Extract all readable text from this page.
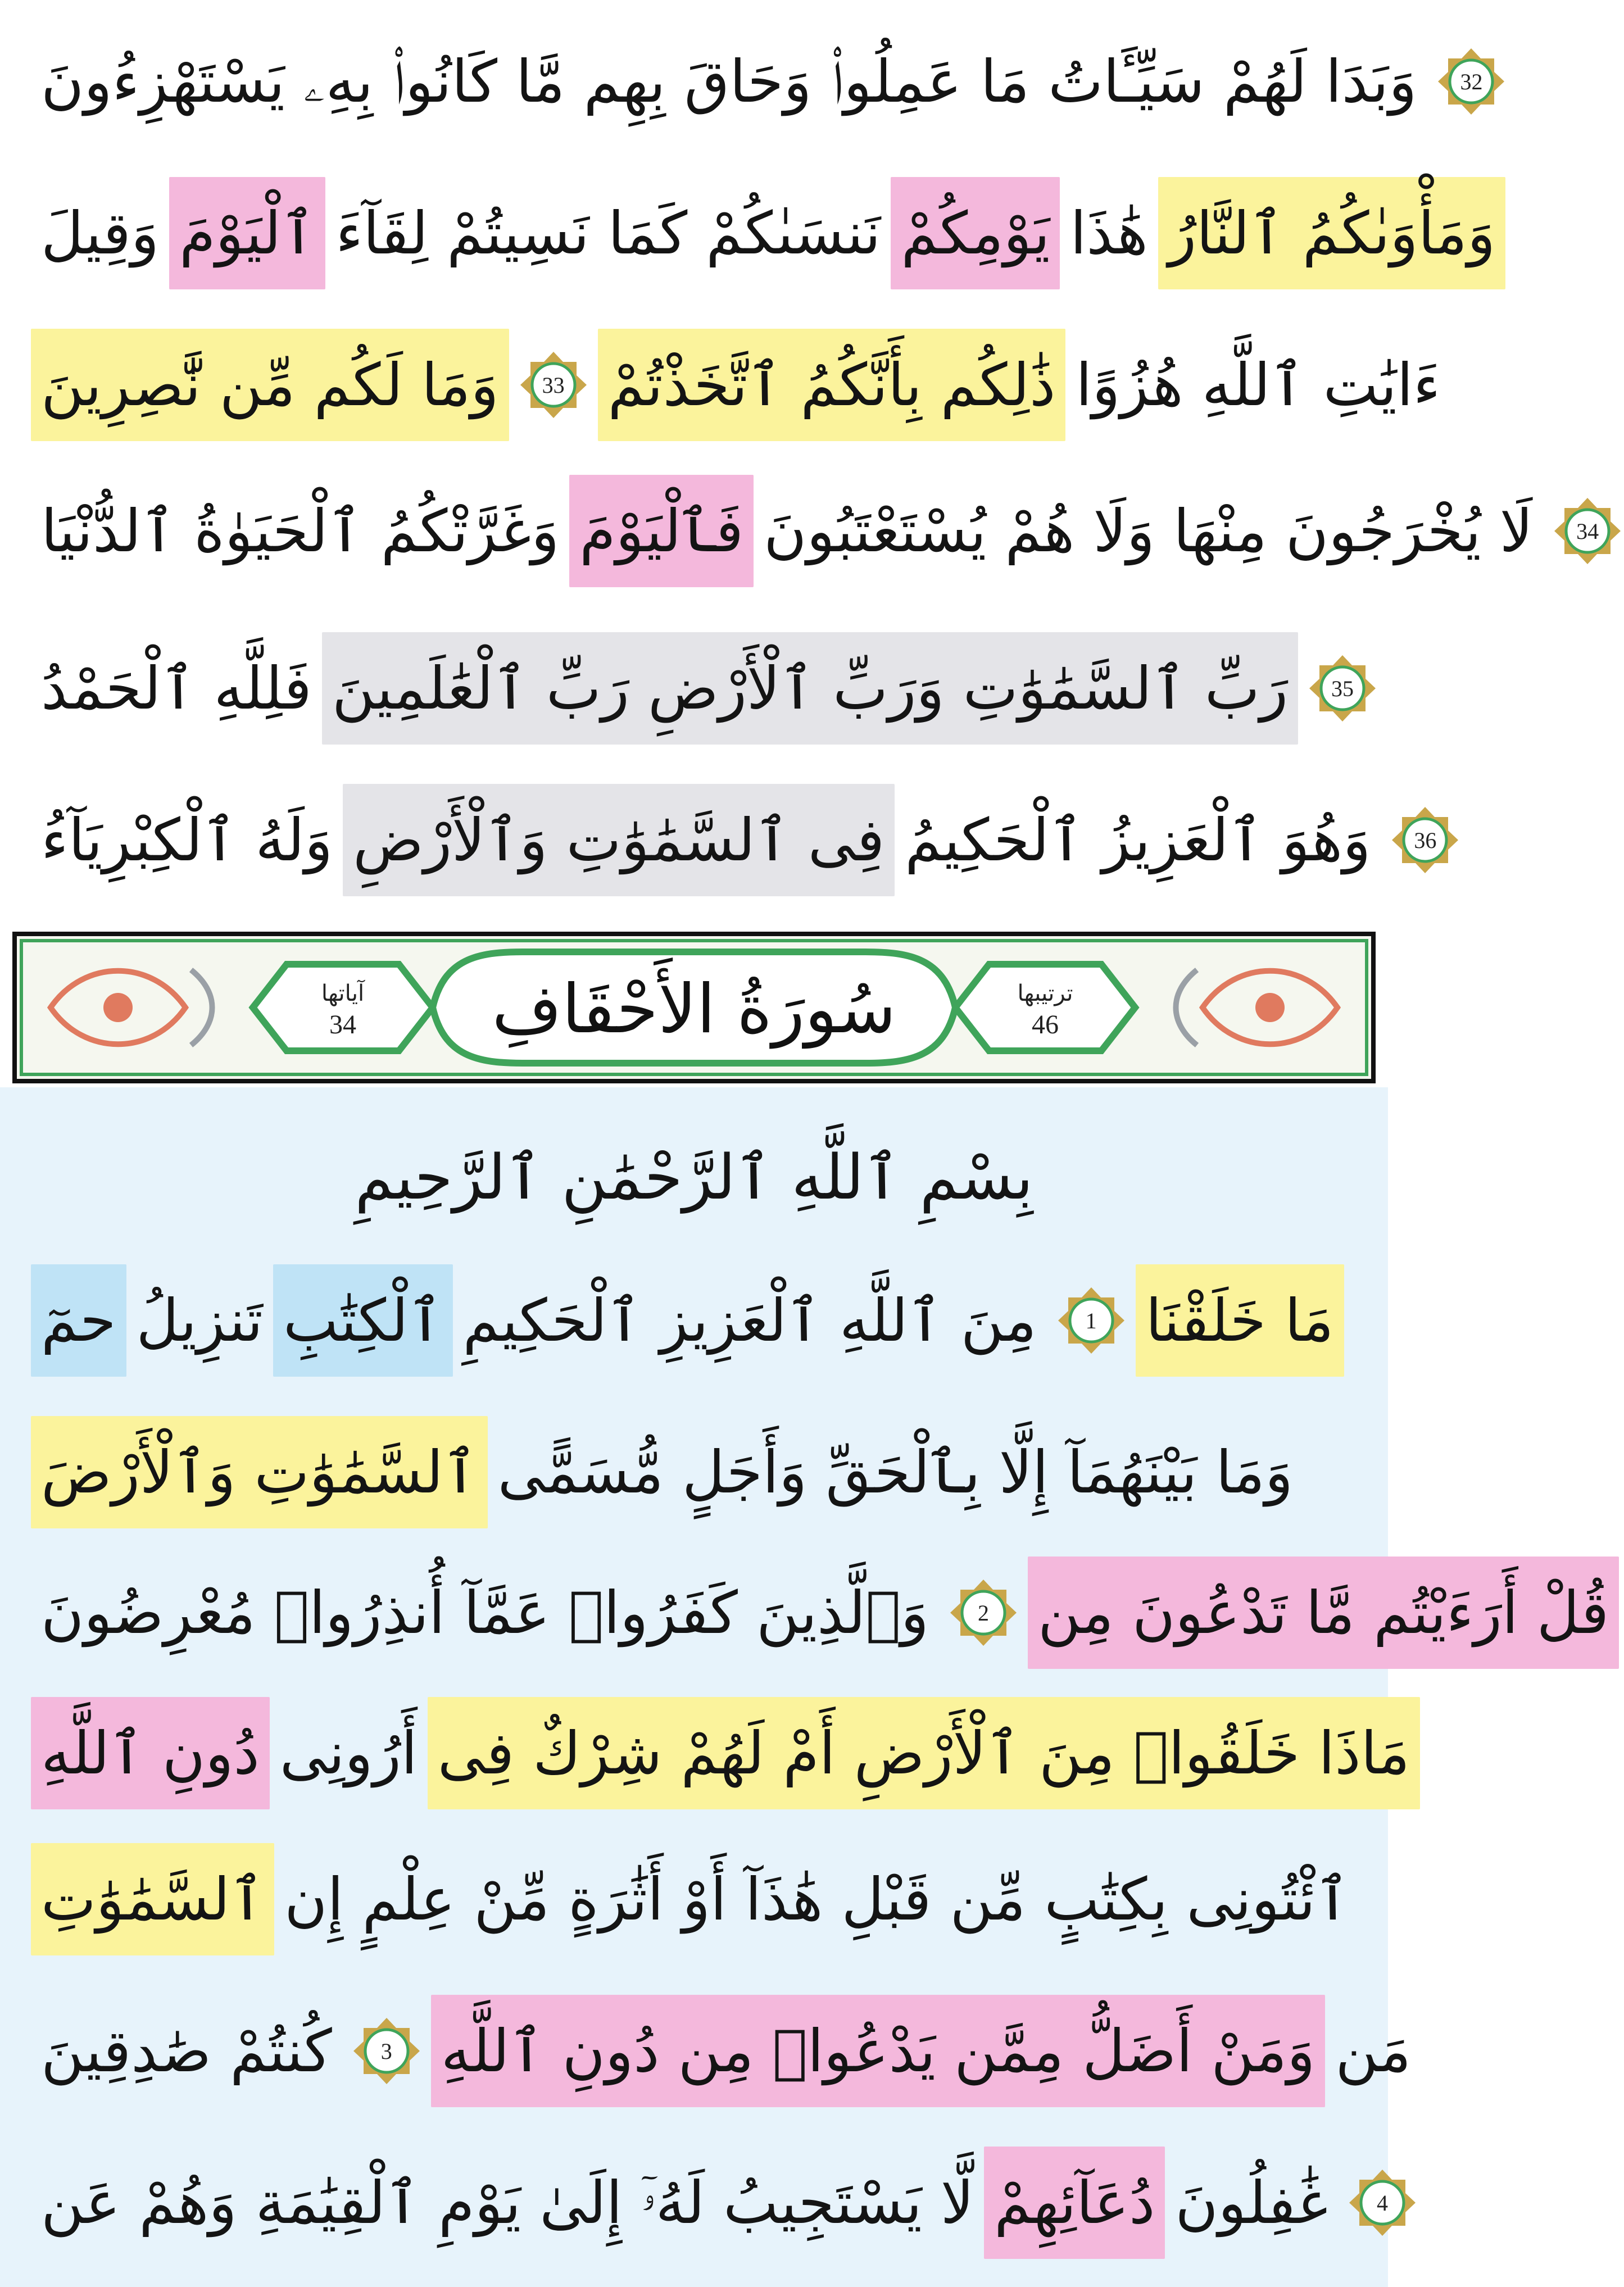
وَبَدَا لَهُمْ سَيِّـَٔاتُ مَا عَمِلُوا۟ وَحَاقَ بِهِم مَّا كَانُوا۟ بِهِۦ يَسْتَهْزِءُونَ	32
وَقِيلَ ٱلْيَوْمَ نَنسَىٰكُمْ كَمَا نَسِيتُمْ لِقَآءَ يَوْمِكُمْ هَٰذَا وَمَأْوَىٰكُمُ ٱلنَّارُ
وَمَا لَكُم مِّن نَّٰصِرِينَ	33 ذَٰلِكُم بِأَنَّكُمُ ٱتَّخَذْتُمْ ءَايَٰتِ ٱللَّهِ هُزُوًا
وَغَرَّتْكُمُ ٱلْحَيَوٰةُ ٱلدُّنْيَا فَٱلْيَوْمَ لَا يُخْرَجُونَ مِنْهَا وَلَا هُمْ يُسْتَعْتَبُونَ	34
فَلِلَّهِ ٱلْحَمْدُ رَبِّ ٱلسَّمَٰوَٰتِ وَرَبِّ ٱلْأَرْضِ رَبِّ ٱلْعَٰلَمِينَ	35
وَلَهُ ٱلْكِبْرِيَآءُ فِى ٱلسَّمَٰوَٰتِ وَٱلْأَرْضِ وَهُوَ ٱلْعَزِيزُ ٱلْحَكِيمُ	36
آياتها
34	سُورَةُ الأَحْقَافِ	ترتيبها
46
بِسْمِ ٱللَّهِ ٱلرَّحْمَٰنِ ٱلرَّحِيمِ
حمٓ تَنزِيلُ ٱلْكِتَٰبِ مِنَ ٱللَّهِ ٱلْعَزِيزِ ٱلْحَكِيمِ	1 مَا خَلَقْنَا
ٱلسَّمَٰوَٰتِ وَٱلْأَرْضَ وَمَا بَيْنَهُمَآ إِلَّا بِٱلْحَقِّ وَأَجَلٍ مُّسَمًّى
وَٱلَّذِينَ كَفَرُوا۟ عَمَّآ أُنذِرُوا۟ مُعْرِضُونَ	2 قُلْ أَرَءَيْتُم مَّا تَدْعُونَ مِن
دُونِ ٱللَّهِ أَرُونِى مَاذَا خَلَقُوا۟ مِنَ ٱلْأَرْضِ أَمْ لَهُمْ شِرْكٌ فِى
ٱلسَّمَٰوَٰتِ ٱئْتُونِى بِكِتَٰبٍ مِّن قَبْلِ هَٰذَآ أَوْ أَثَٰرَةٍ مِّنْ عِلْمٍ إِن
كُنتُمْ صَٰدِقِينَ	3 وَمَنْ أَضَلُّ مِمَّن يَدْعُوا۟ مِن دُونِ ٱللَّهِ مَن
لَّا يَسْتَجِيبُ لَهُۥٓ إِلَىٰ يَوْمِ ٱلْقِيَٰمَةِ وَهُمْ عَن دُعَآئِهِمْ غَٰفِلُونَ	4
